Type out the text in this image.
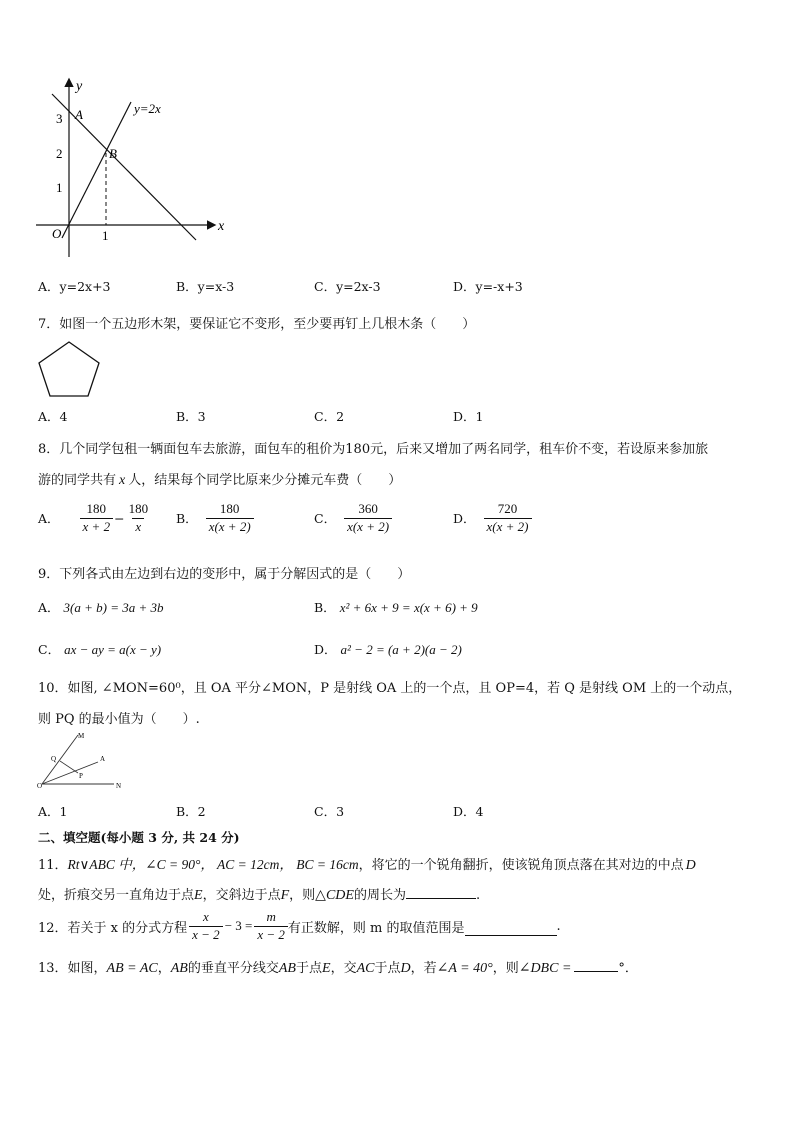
y
x
O
3
2
1
1
A
B
y=2x
A．y=2x+3	B．y=x-3	C．y=2x-3	D．y=-x+3
7．如图一个五边形木架，要保证它不变形，至少要再钉上几根木条（　　）
A．4	B．3	C．2	D．1
8．几个同学包租一辆面包车去旅游，面包车的租价为180元，后来又增加了两名同学，租车价不变，若设原来参加旅
游的同学共有 x 人，结果每个同学比原来少分摊元车费（　　）
A． $\frac{180}{x + 2} - \frac{180}{x}$ B． $\frac{180}{x(x + 2)}$	C． $\frac{360}{x(x + 2)}$	D． $\frac{720}{x(x + 2)}$
9．下列各式由左边到右边的变形中，属于分解因式的是（　　）
A． 3(a + b) = 3a + 3b	B． x² + 6x + 9 = x(x + 6) + 9
C． ax − ay = a(x − y)	D． a² − 2 = (a + 2)(a − 2)
10．如图, ∠MON=60⁰，且 OA 平分∠MON，P 是射线 OA 上的一个点，且 OP=4，若 Q 是射线 OM 上的一个动点，
则 PQ 的最小值为（　　）.
M
Q	A
P
O	N
A．1	B．2	C．3	D．4
二、填空题(每小题 3 分, 共 24 分)
11．Rt∨ABC 中，∠C = 90°， AC = 12cm， BC = 16cm，将它的一个锐角翻折，使该锐角顶点落在其对边的中点 D
处，折痕交另一直角边于点E，交斜边于点F，则△CDE的周长为	.
12．若关于 x 的分式方程 $\frac{x}{x - 2} - 3 = \frac{m}{x - 2}$ 有正数解，则 m 的取值范围是	.
13．如图，AB = AC，AB的垂直平分线交AB于点E，交AC于点D，若∠A = 40°，则∠DBC =	°．
